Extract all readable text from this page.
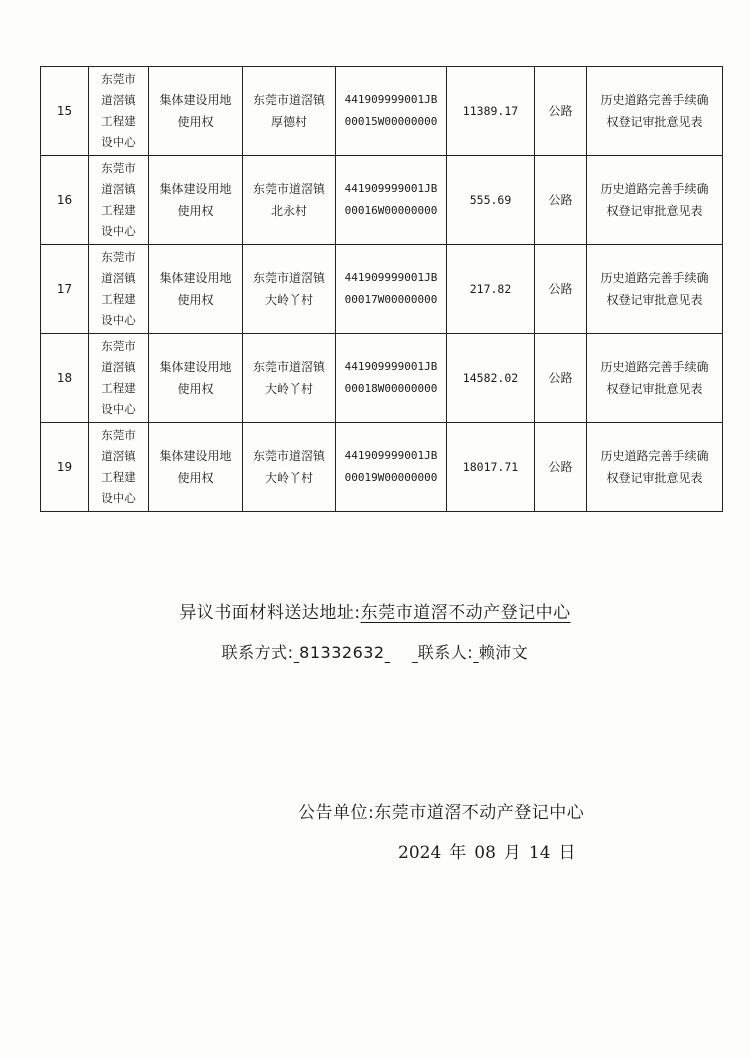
15	东莞市道滘镇工程建设中心	集体建设用地使用权	东莞市道滘镇厚德村	441909999001JB00015W00000000	11389.17	公路	历史道路完善手续确权登记审批意见表
16	东莞市道滘镇工程建设中心	集体建设用地使用权	东莞市道滘镇北永村	441909999001JB00016W00000000	555.69	公路	历史道路完善手续确权登记审批意见表
17	东莞市道滘镇工程建设中心	集体建设用地使用权	东莞市道滘镇大岭丫村	441909999001JB00017W00000000	217.82	公路	历史道路完善手续确权登记审批意见表
18	东莞市道滘镇工程建设中心	集体建设用地使用权	东莞市道滘镇大岭丫村	441909999001JB00018W00000000	14582.02	公路	历史道路完善手续确权登记审批意见表
19	东莞市道滘镇工程建设中心	集体建设用地使用权	东莞市道滘镇大岭丫村	441909999001JB00019W00000000	18017.71	公路	历史道路完善手续确权登记审批意见表
异议书面材料送达地址:东莞市道滘不动产登记中心
联系方式: 81332632 联系人: 赖沛文
公告单位:东莞市道滘不动产登记中心
2024 年 08 月 14 日
